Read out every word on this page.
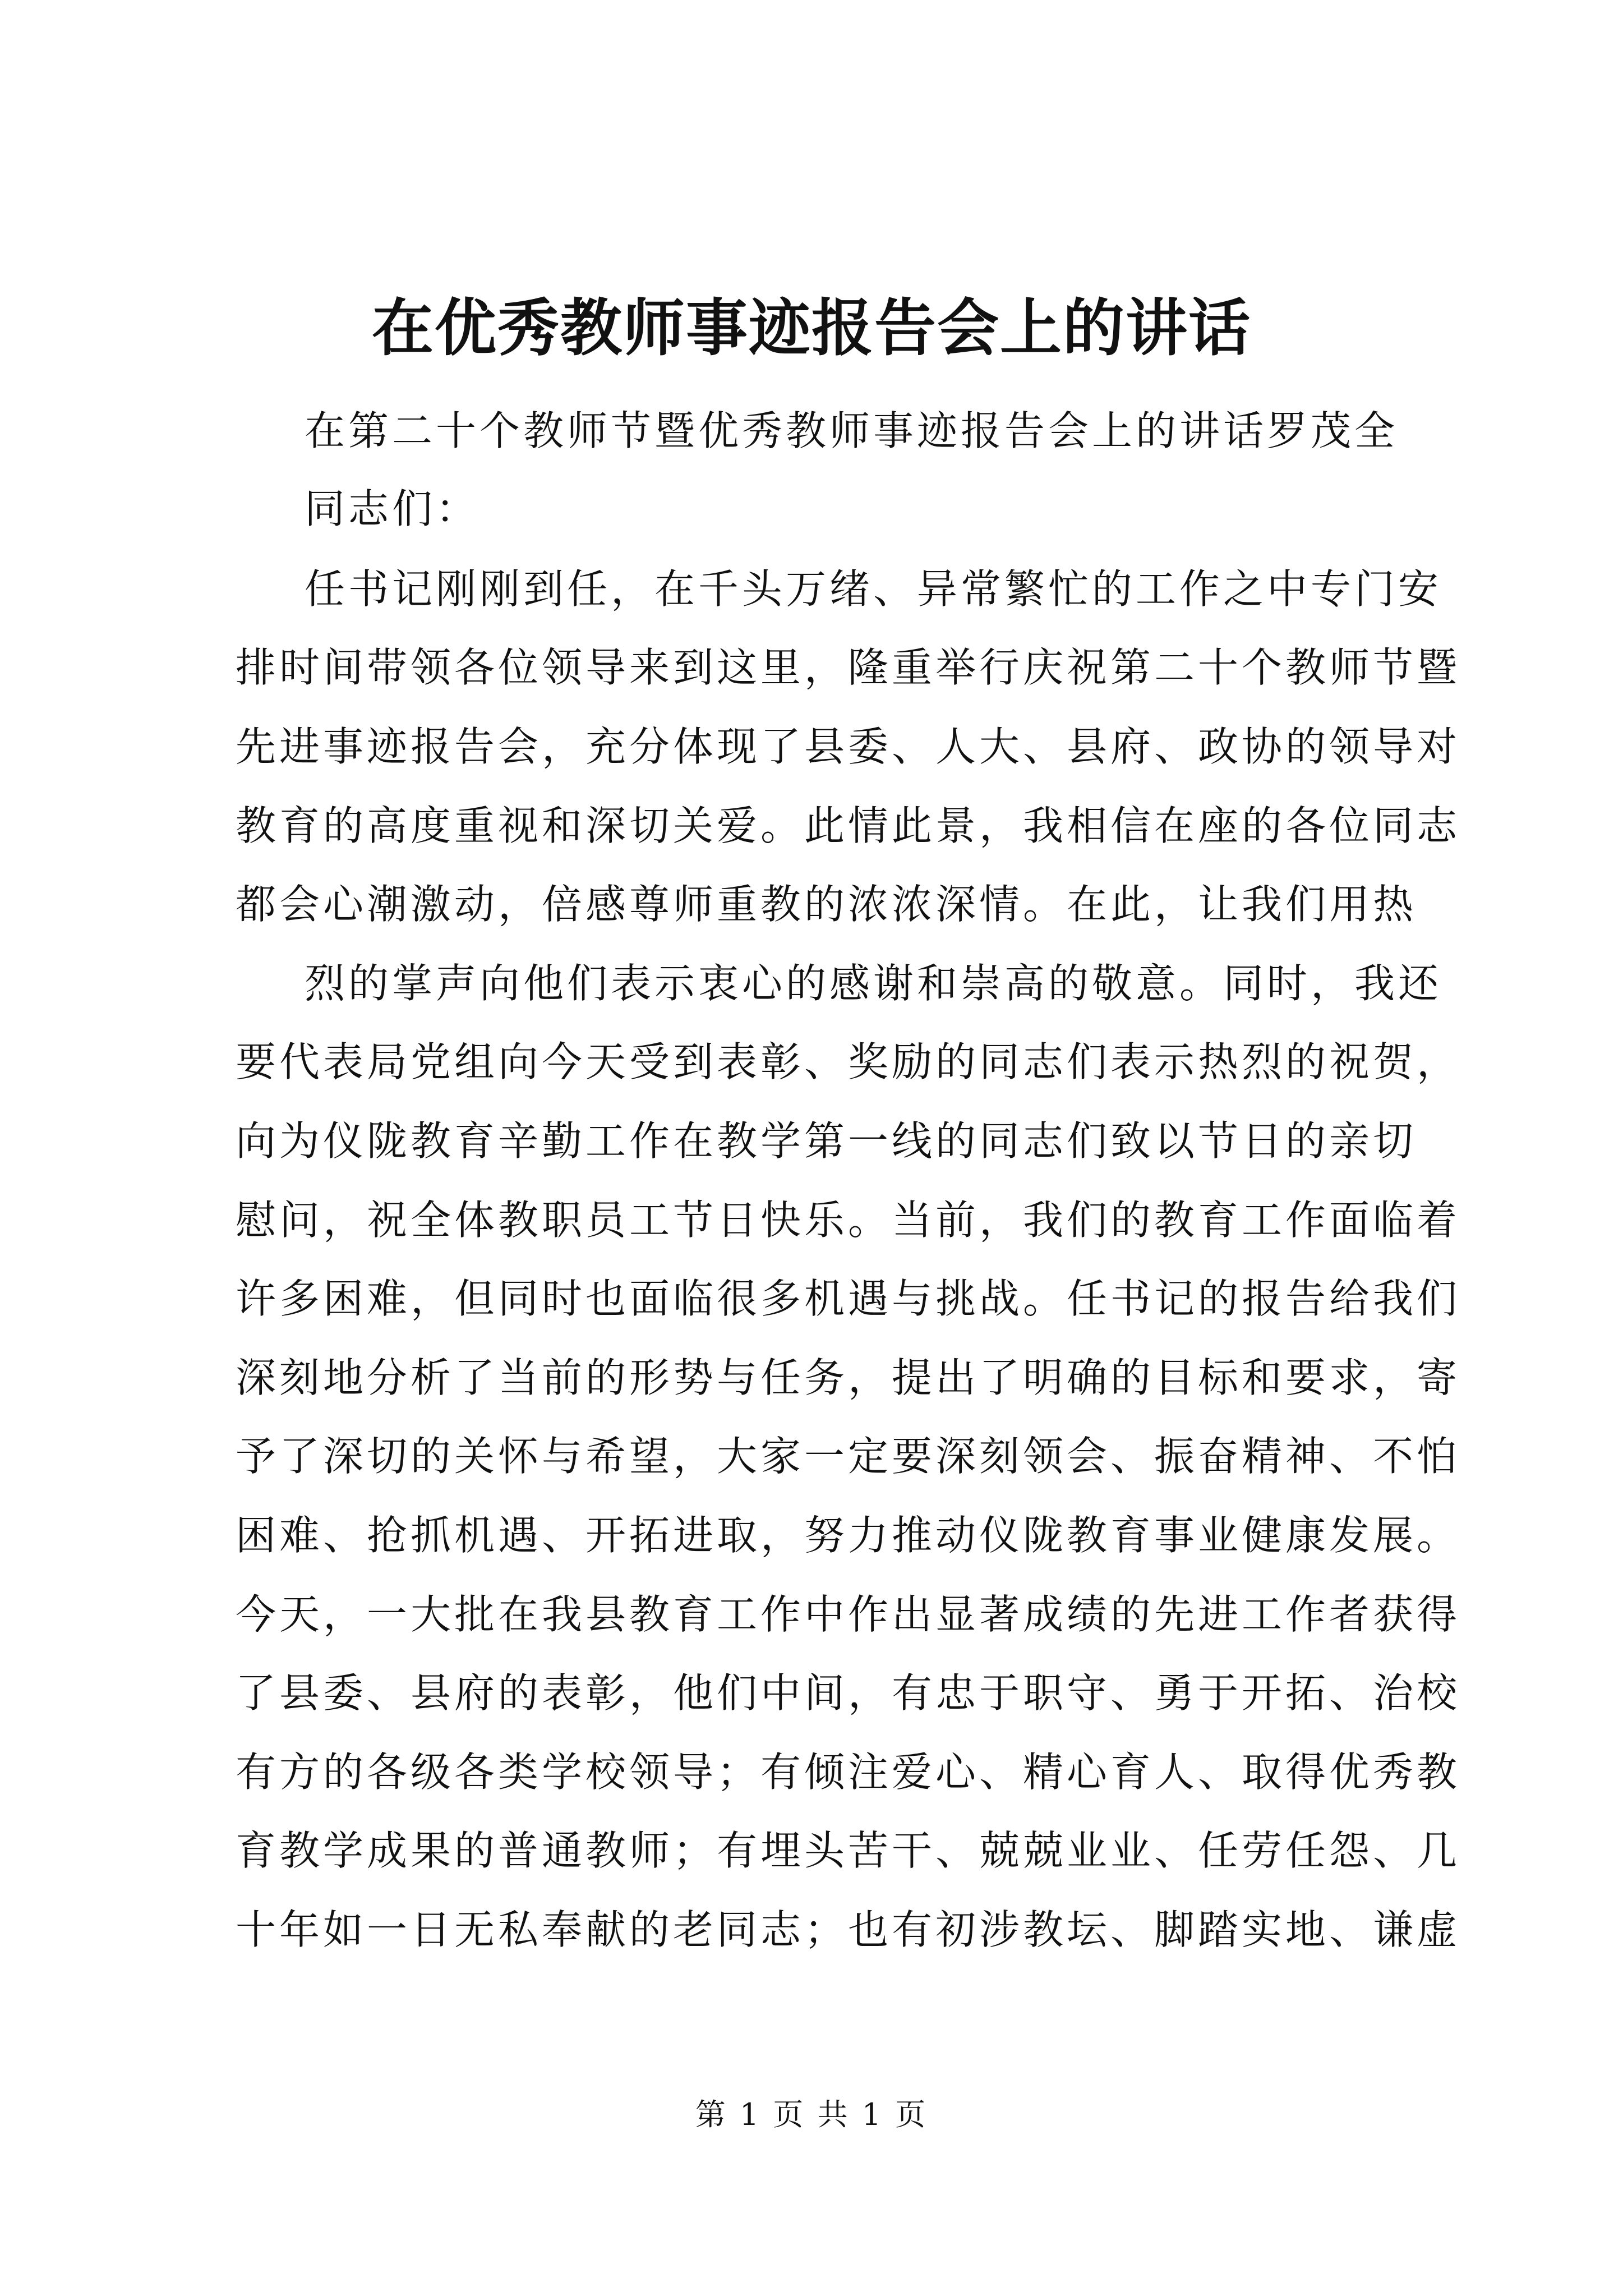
在优秀教师事迹报告会上的讲话
在第二十个教师节暨优秀教师事迹报告会上的讲话罗茂全
同志们：
任书记刚刚到任，在千头万绪、异常繁忙的工作之中专门安
排时间带领各位领导来到这里，隆重举行庆祝第二十个教师节暨
先进事迹报告会，充分体现了县委、人大、县府、政协的领导对
教育的高度重视和深切关爱。此情此景，我相信在座的各位同志
都会心潮激动，倍感尊师重教的浓浓深情。在此，让我们用热
烈的掌声向他们表示衷心的感谢和崇高的敬意。同时，我还
要代表局党组向今天受到表彰、奖励的同志们表示热烈的祝贺，
向为仪陇教育辛勤工作在教学第一线的同志们致以节日的亲切
慰问，祝全体教职员工节日快乐。当前，我们的教育工作面临着
许多困难，但同时也面临很多机遇与挑战。任书记的报告给我们
深刻地分析了当前的形势与任务，提出了明确的目标和要求，寄
予了深切的关怀与希望，大家一定要深刻领会、振奋精神、不怕
困难、抢抓机遇、开拓进取，努力推动仪陇教育事业健康发展。
今天，一大批在我县教育工作中作出显著成绩的先进工作者获得
了县委、县府的表彰，他们中间，有忠于职守、勇于开拓、治校
有方的各级各类学校领导；有倾注爱心、精心育人、取得优秀教
育教学成果的普通教师；有埋头苦干、兢兢业业、任劳任怨、几
十年如一日无私奉献的老同志；也有初涉教坛、脚踏实地、谦虚
第 1 页 共 1 页
